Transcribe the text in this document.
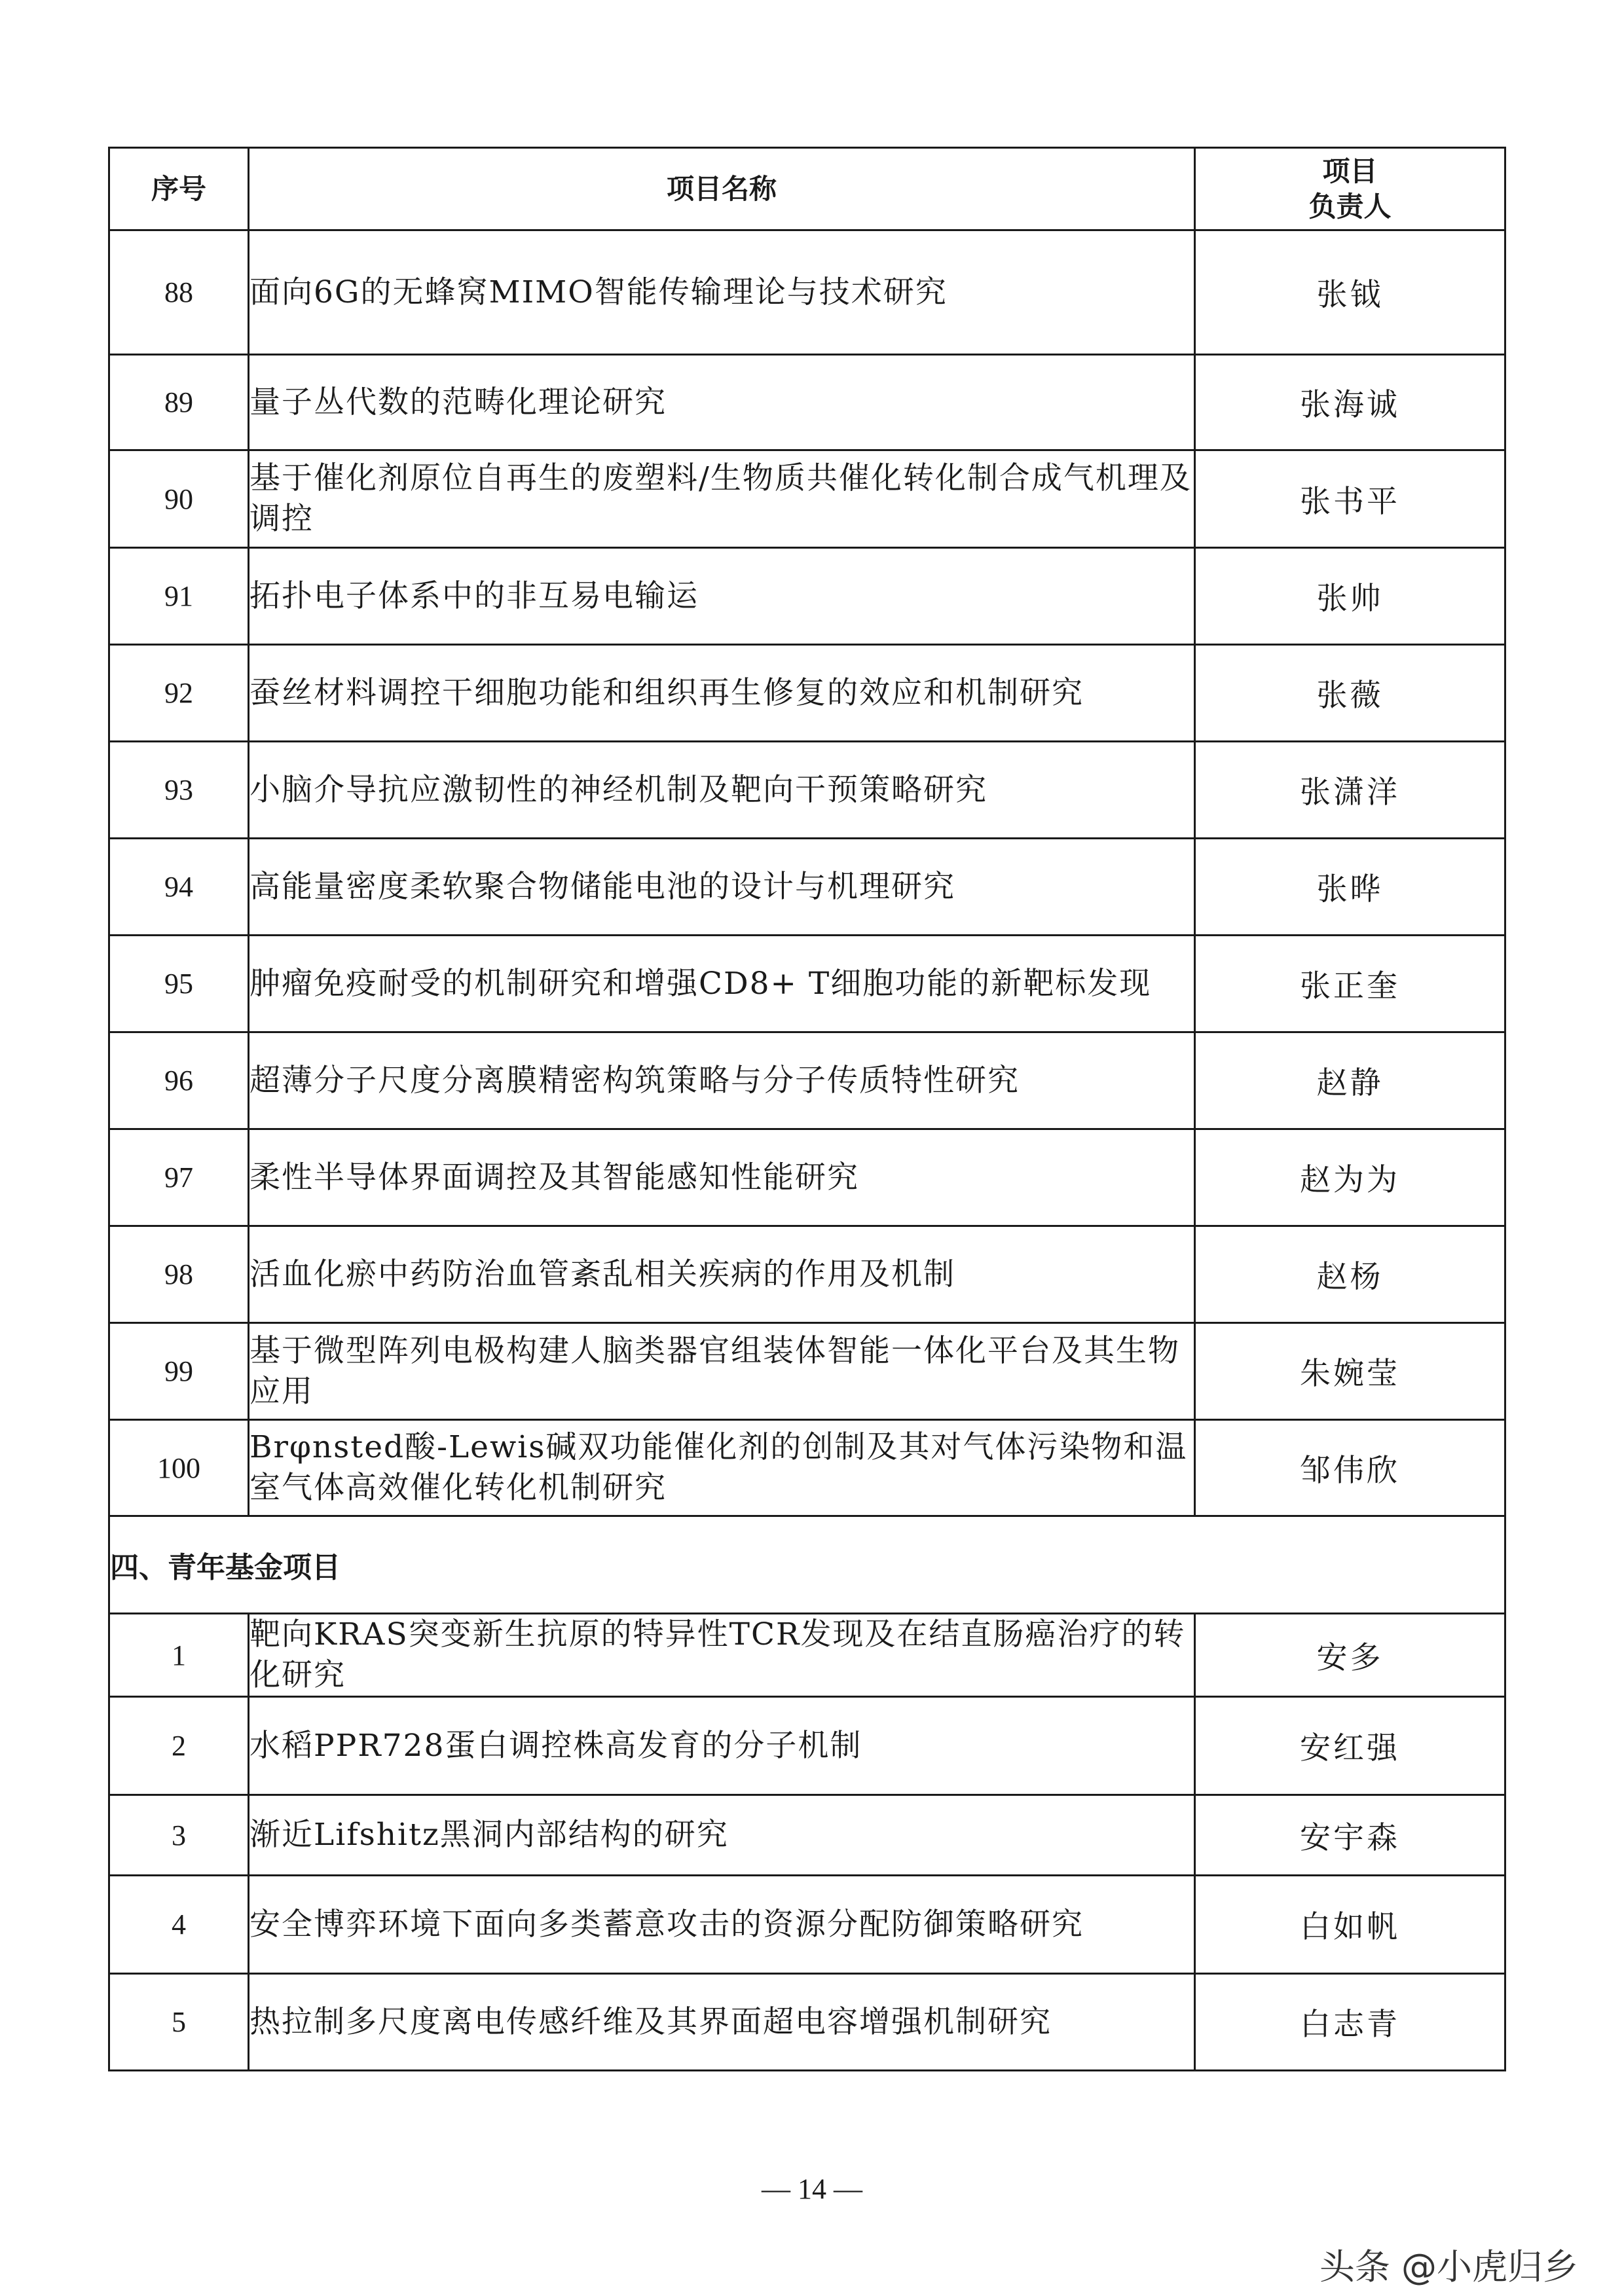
序号	项目名称	项目
负责人

88	面向6G的无蜂窝MIMO智能传输理论与技术研究	张钺
89	量子丛代数的范畴化理论研究	张海诚
90	基于催化剂原位自再生的废塑料/生物质共催化转化制合成气机理及调控	张书平
91	拓扑电子体系中的非互易电输运	张帅
92	蚕丝材料调控干细胞功能和组织再生修复的效应和机制研究	张薇
93	小脑介导抗应激韧性的神经机制及靶向干预策略研究	张潇洋
94	高能量密度柔软聚合物储能电池的设计与机理研究	张晔
95	肿瘤免疫耐受的机制研究和增强CD8+ T细胞功能的新靶标发现	张正奎
96	超薄分子尺度分离膜精密构筑策略与分子传质特性研究	赵静
97	柔性半导体界面调控及其智能感知性能研究	赵为为
98	活血化瘀中药防治血管紊乱相关疾病的作用及机制	赵杨
99	基于微型阵列电极构建人脑类器官组装体智能一体化平台及其生物应用	朱婉莹
100	Brφnsted酸-Lewis碱双功能催化剂的创制及其对气体污染物和温室气体高效催化转化机制研究	邹伟欣
四、青年基金项目		
1	靶向KRAS突变新生抗原的特异性TCR发现及在结直肠癌治疗的转化研究	安多
2	水稻PPR728蛋白调控株高发育的分子机制	安红强
3	渐近Lifshitz黑洞内部结构的研究	安宇森
4	安全博弈环境下面向多类蓄意攻击的资源分配防御策略研究	白如帆
5	热拉制多尺度离电传感纤维及其界面超电容增强机制研究	白志青
— 14 —
头条 @小虎归乡
